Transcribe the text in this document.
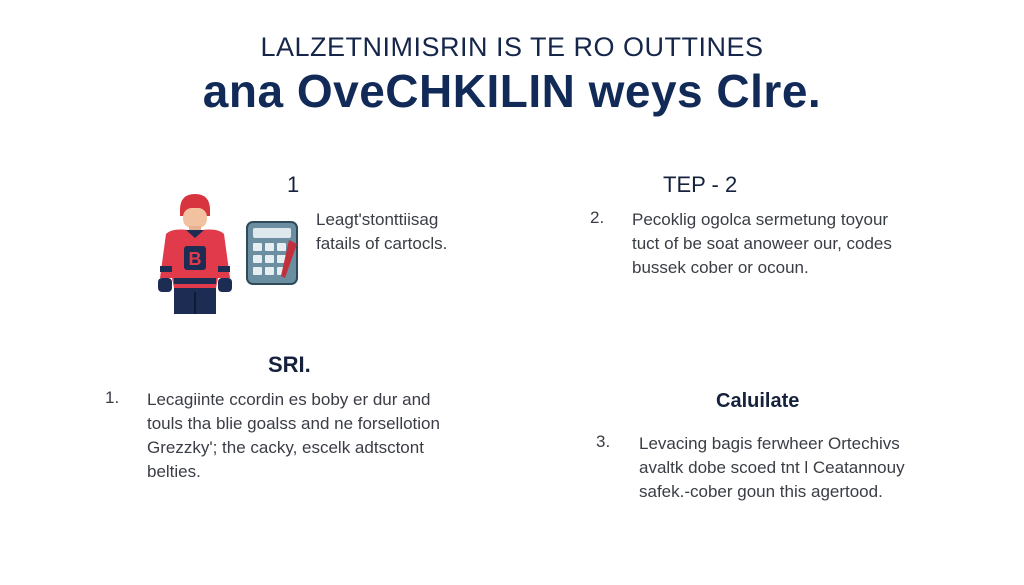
LALZETNIMISRIN IS TE RO OUTTINES
ana OveCHKILIN weys Clre.
1
B
Leagt'stonttiisag
fatails of cartocls.
TEP - 2
2. Pecoklig ogolca sermetung toyour
tuct of be soat anoweer our, codes
bussek cober or ocoun.
SRI.
1. Lecagiinte ccordin es boby er dur and
touls tha blie goalss and ne forsellotion
Grezzky'; the cacky, escelk adtsctont
belties.
Caluilate
3. Levacing bagis ferwheer Ortechivs
avaltk dobe scoed tnt l Ceatannouy
safek.-cober goun this agertood.
